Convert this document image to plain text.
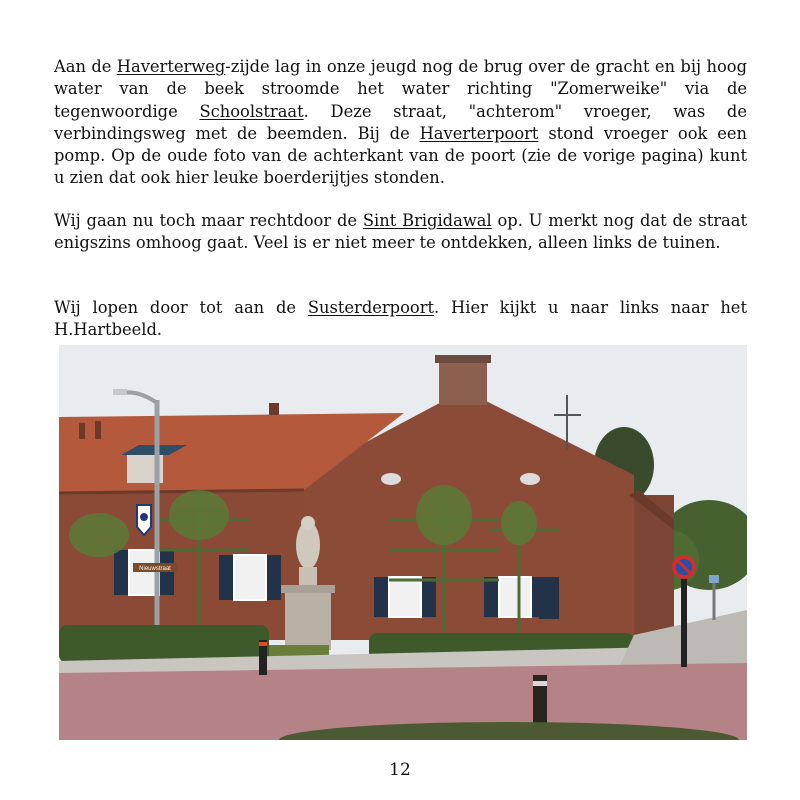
Aan de Haverterweg-zijde lag in onze jeugd nog de brug over de gracht en bij hoog water van de beek stroomde het water richting "Zomerweike" via de tegenwoordige Schoolstraat. Deze straat, "achterom" vroeger, was de verbindingsweg met de beemden. Bij de Haverterpoort stond vroeger ook een pomp. Op de oude foto van de achterkant van de poort (zie de vorige pagina) kunt u zien dat ook hier leuke boerderijtjes stonden.

Wij gaan nu toch maar rechtdoor de Sint Brigidawal op. U merkt nog dat de straat enigszins omhoog gaat. Veel is er niet meer te ontdekken, alleen links de tuinen.

Wij lopen door tot aan de Susterderpoort. Hier kijkt u naar links naar het H.Hartbeeld.

Nieuwstraat
12
